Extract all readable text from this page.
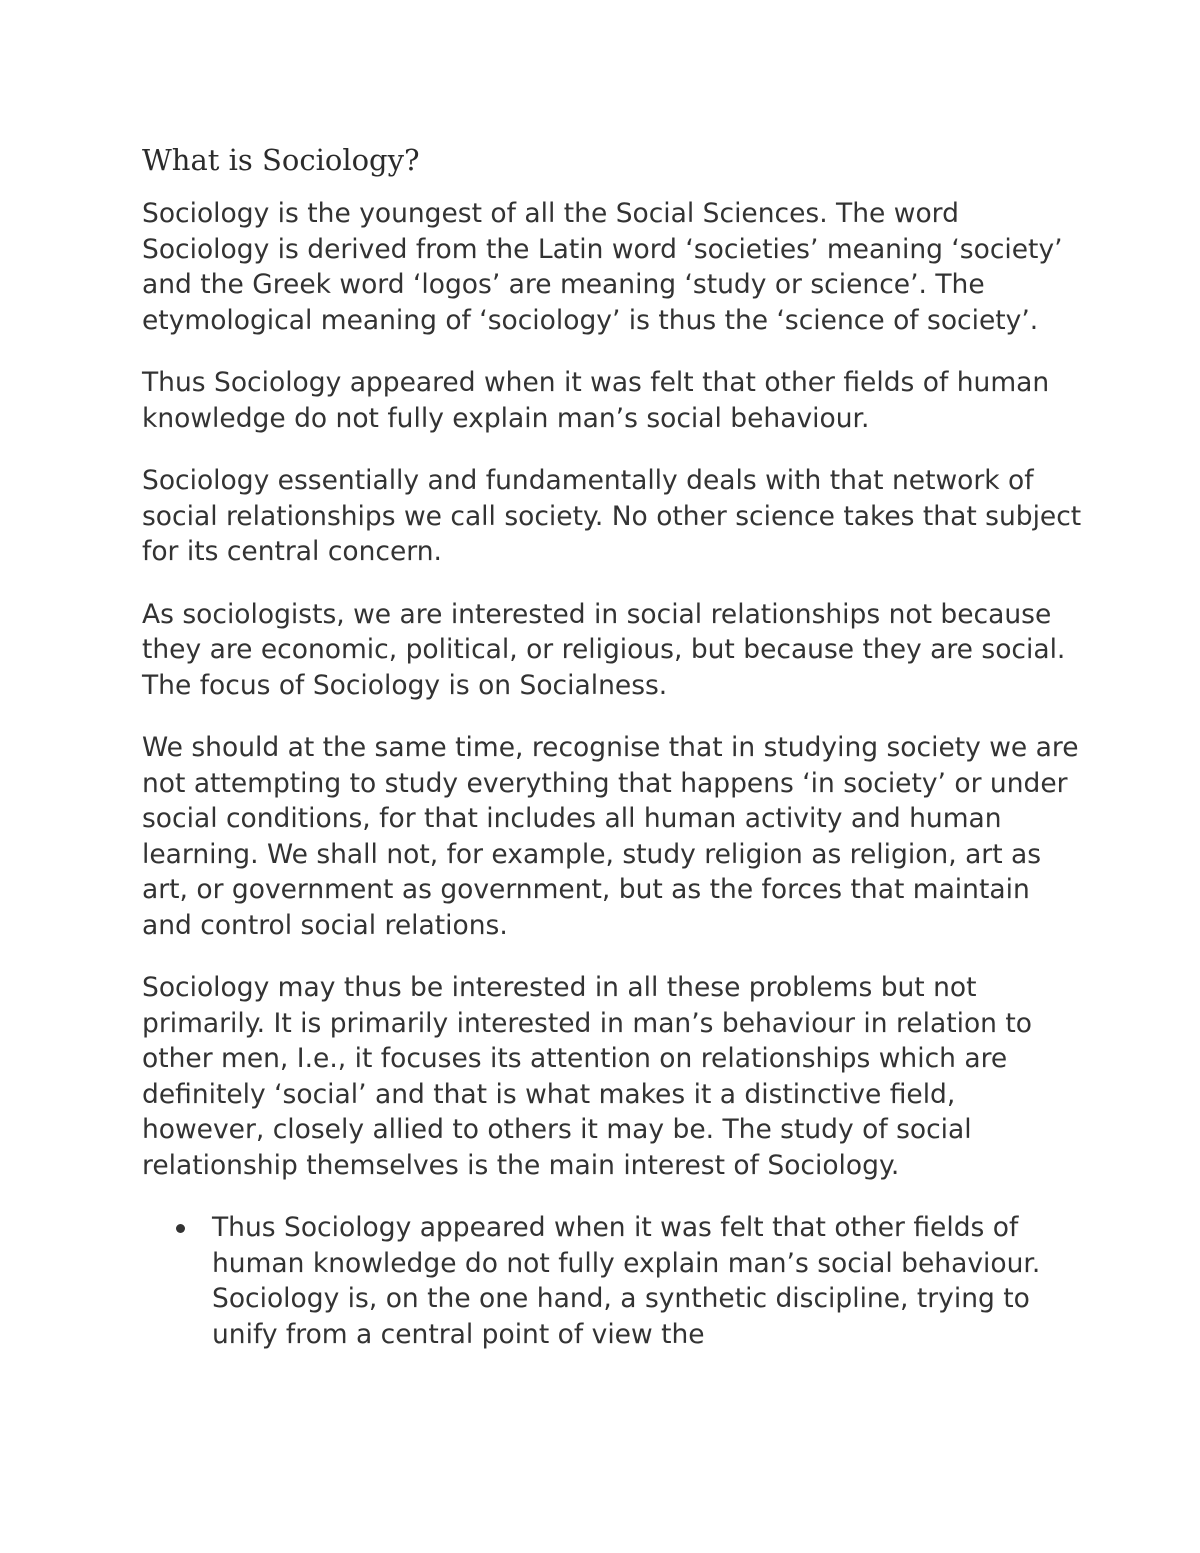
What is Sociology?

Sociology is the youngest of all the Social Sciences. The word Sociology is derived from the Latin word ‘societies’ meaning ‘society’ and the Greek word ‘logos’ are meaning ‘study or science’. The etymological meaning of ‘sociology’ is thus the ‘science of society’.

Thus Sociology appeared when it was felt that other fields of human knowledge do not fully explain man’s social behaviour.

Sociology essentially and fundamentally deals with that network of social relationships we call society. No other science takes that subject for its central concern.

As sociologists, we are interested in social relationships not because they are economic, political, or religious, but because they are social. The focus of Sociology is on Socialness.

We should at the same time, recognise that in studying society we are not attempting to study everything that happens ‘in society’ or under social conditions, for that includes all human activity and human learning. We shall not, for example, study religion as religion, art as art, or government as government, but as the forces that maintain and control social relations.

Sociology may thus be interested in all these problems but not primarily. It is primarily interested in man’s behaviour in relation to other men, I.e., it focuses its attention on relationships which are definitely ‘social’ and that is what makes it a distinctive field, however, closely allied to others it may be. The study of social relationship themselves is the main interest of Sociology.

Thus Sociology appeared when it was felt that other fields of human knowledge do not fully explain man’s social behaviour. Sociology is, on the one hand, a synthetic discipline, trying to unify from a central point of view the
